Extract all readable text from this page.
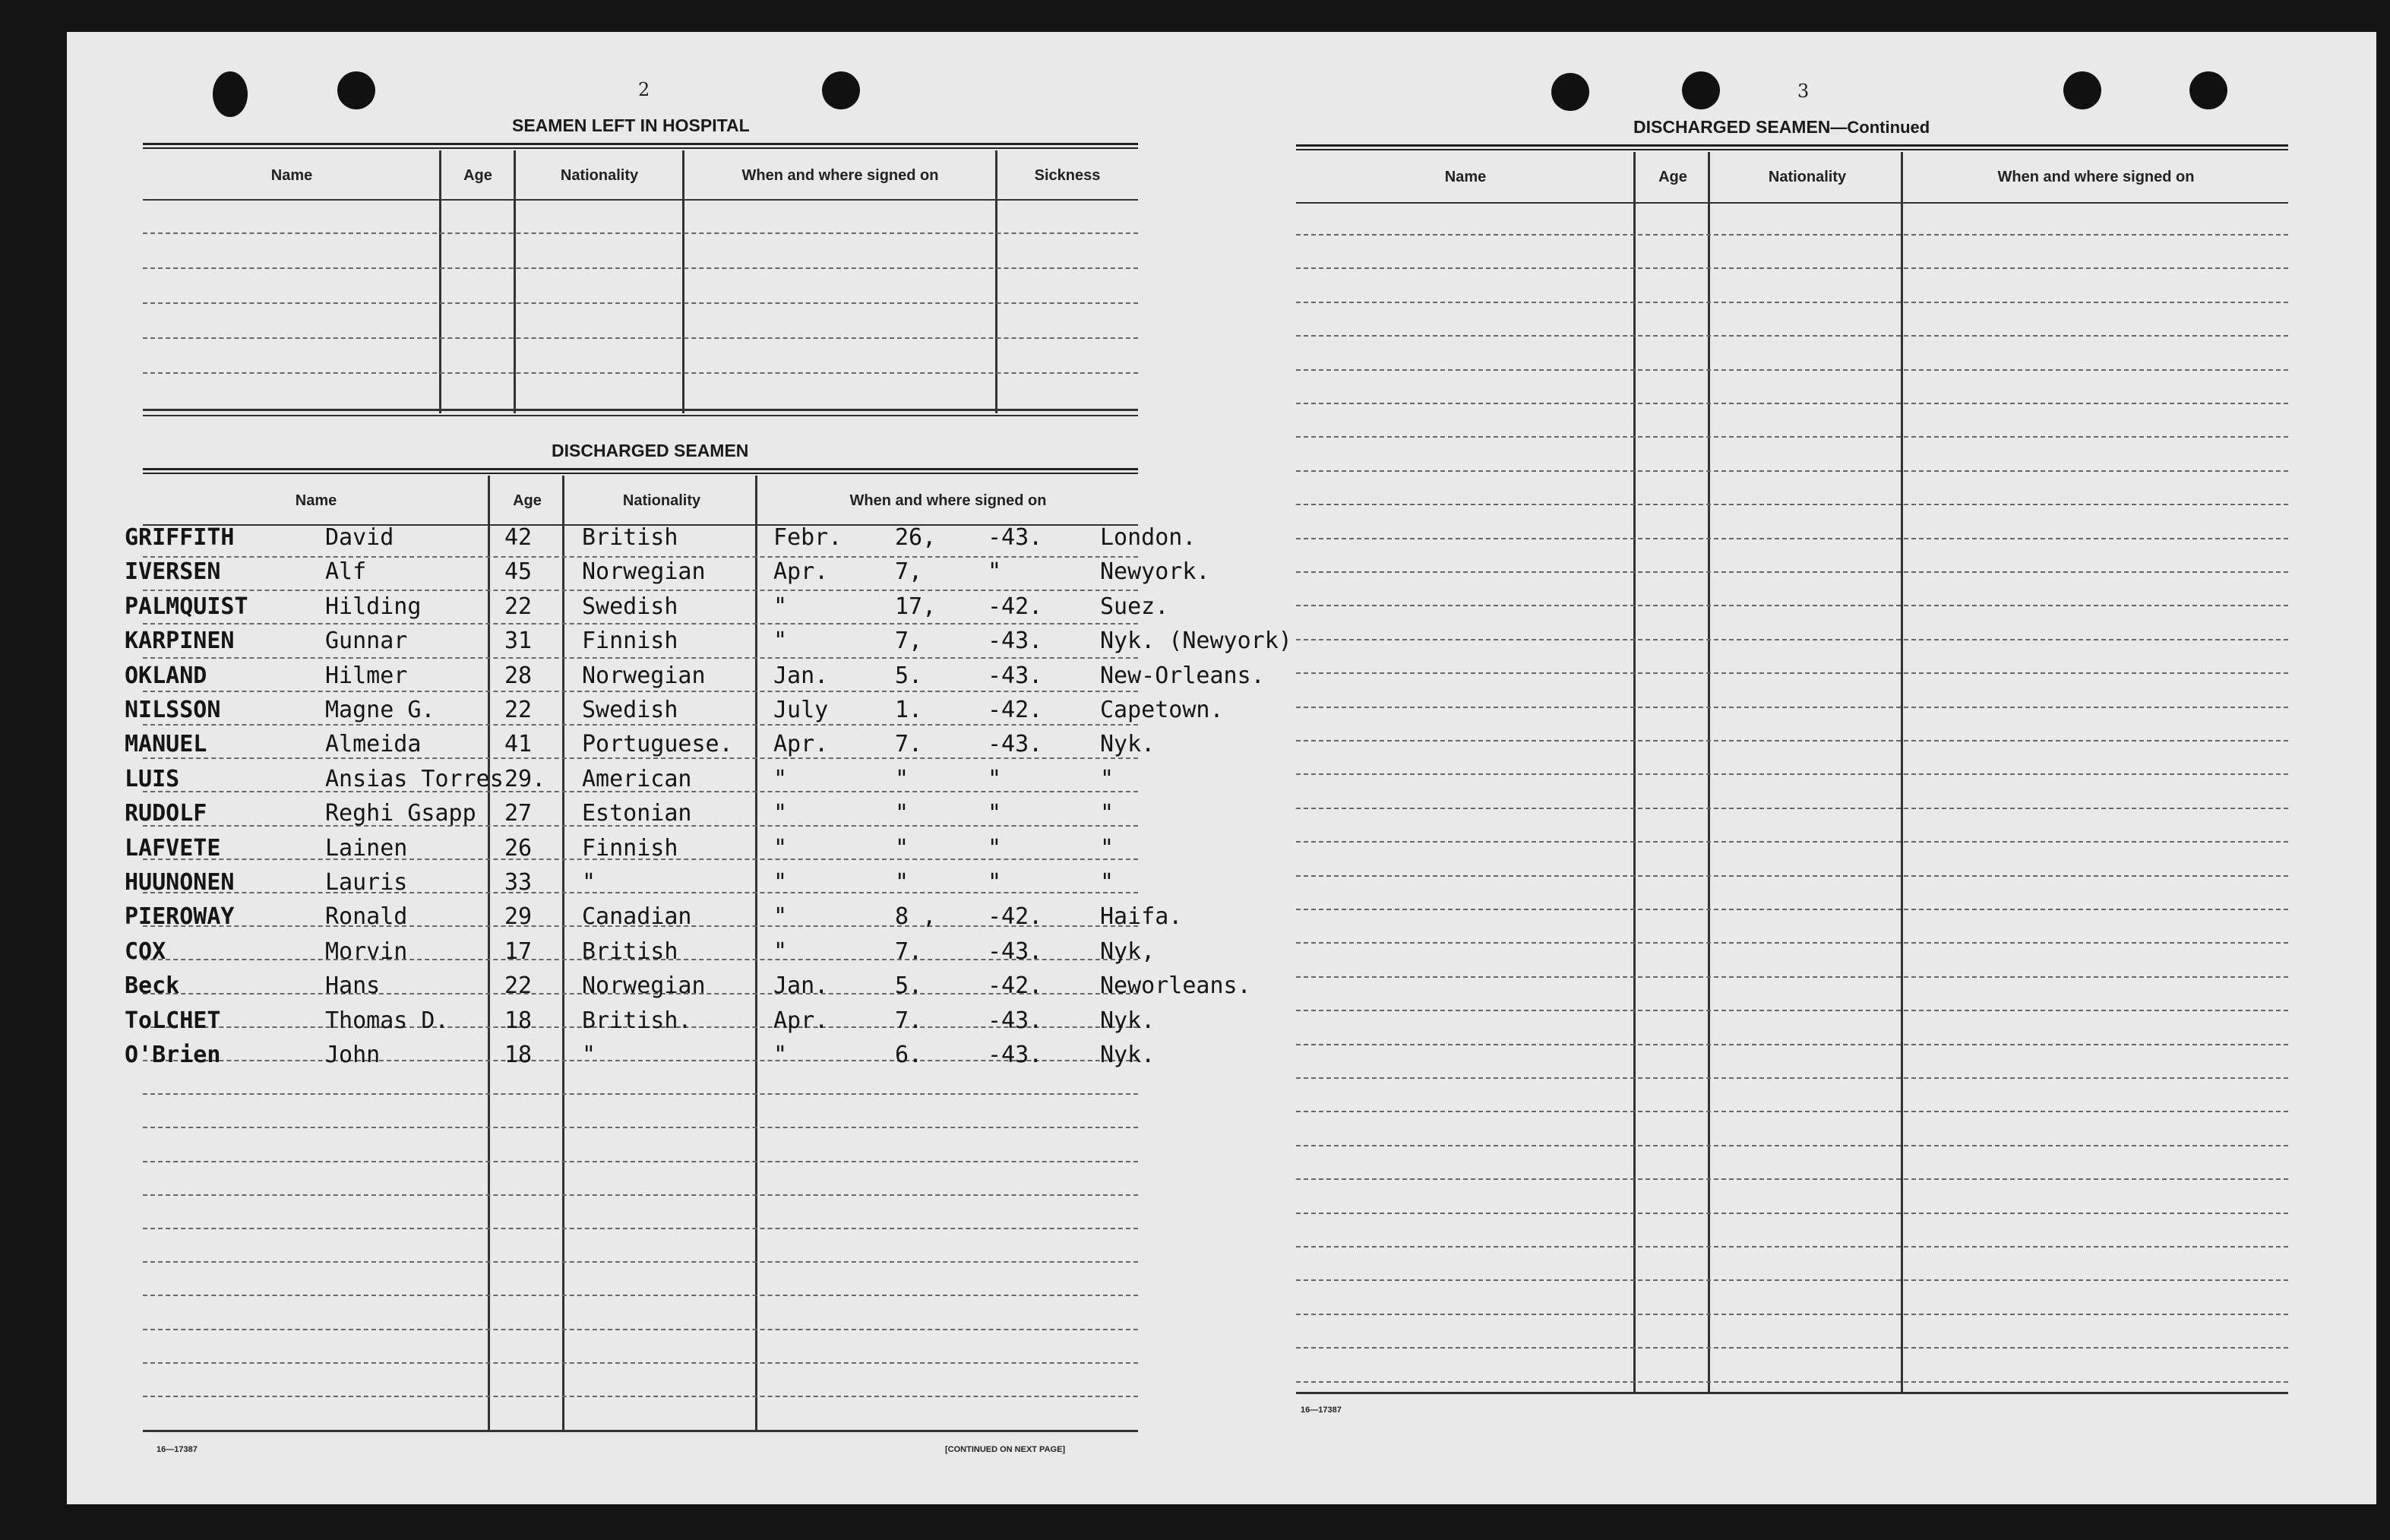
2
SEAMEN LEFT IN HOSPITAL
Name	Age	Nationality	When and where signed on	Sickness
DISCHARGED SEAMEN
Name	Age	Nationality	When and where signed on
GRIFFITH	David	42 British	Febr. 26, -43.	London.
IVERSEN	Alf	45 Norwegian	Apr.	7,	"	Newyork.
PALMQUIST	Hilding	22 Swedish	"	17, -42.	Suez.
KARPINEN	Gunnar	31 Finnish	"	7,	-43.	Nyk. (Newyork)
OKLAND	Hilmer	28 Norwegian	Jan.	5.	-43.	New-Orleans.
NILSSON	Magne G.	22 Swedish	July	1.	-42.	Capetown.
MANUEL	Almeida	41 Portuguese. Apr.	7.	-43.	Nyk.
LUIS	Ansias Torres 29. American	"	"	"	"
RUDOLF	Reghi Gsapp 27 Estonian	"	"	"	"
LAFVETE	Lainen	26 Finnish	"	"	"	"
HUUNONEN	Lauris	33 "	"	"	"	"
PIEROWAY	Ronald	29 Canadian	"	8 , -42.	Haifa.
COX	Morvin	17 British	"	7.	-43.	Nyk,
Beck	Hans	22 Norwegian	Jan.	5.	-42.	Neworleans.
ToLCHET	Thomas D. 18 British.	Apr.	7.	-43.	Nyk.
O'Brien	John	18 "	"	6.	-43.	Nyk.
16—17387	[CONTINUED ON NEXT PAGE]
3
DISCHARGED SEAMEN—Continued
Name	Age	Nationality	When and where signed on
16—17387
